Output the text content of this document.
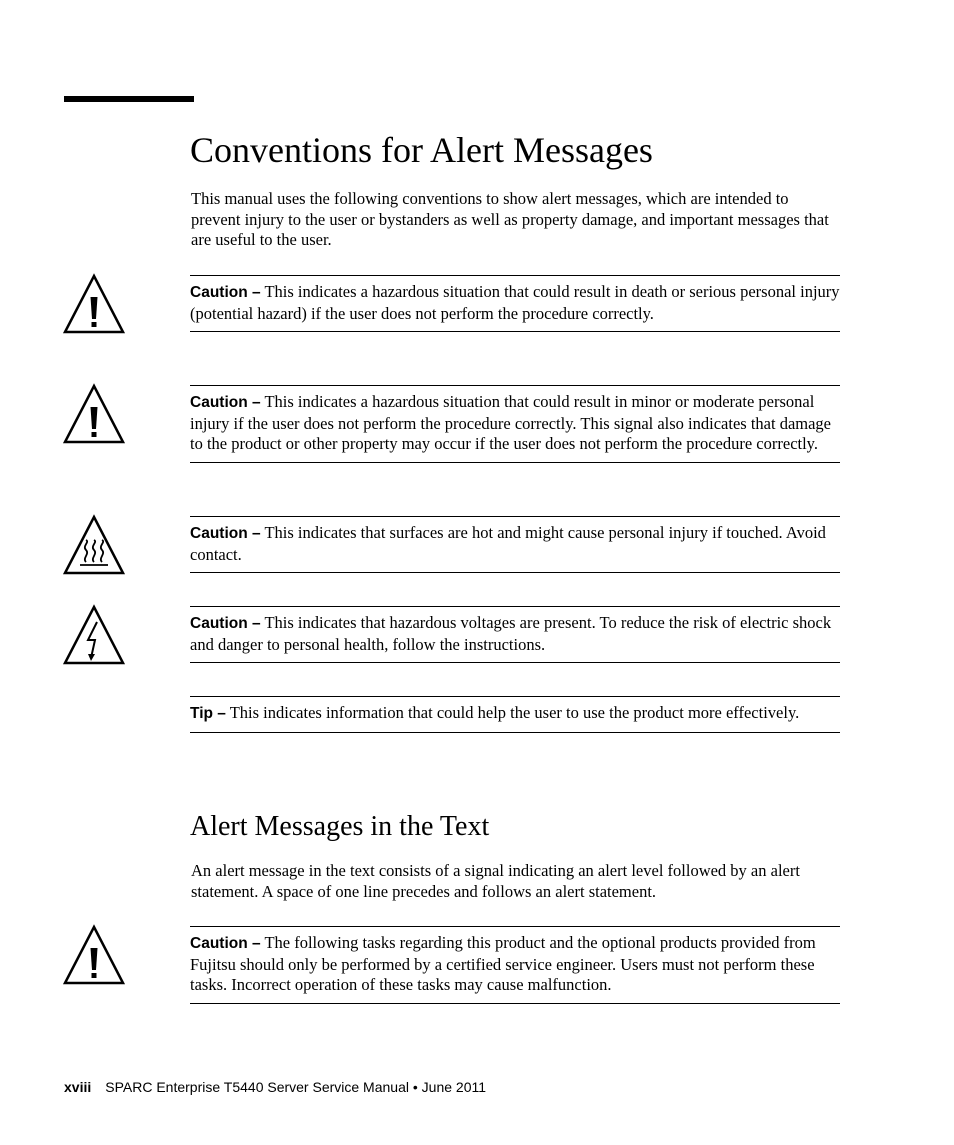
Conventions for Alert Messages

This manual uses the following conventions to show alert messages, which are intended to prevent injury to the user or bystanders as well as property damage, and important messages that are useful to the user.

Caution – This indicates a hazardous situation that could result in death or serious personal injury (potential hazard) if the user does not perform the procedure correctly.

Caution – This indicates a hazardous situation that could result in minor or moderate personal injury if the user does not perform the procedure correctly. This signal also indicates that damage to the product or other property may occur if the user does not perform the procedure correctly.

Caution – This indicates that surfaces are hot and might cause personal injury if touched. Avoid contact.

Caution – This indicates that hazardous voltages are present. To reduce the risk of electric shock and danger to personal health, follow the instructions.

Tip – This indicates information that could help the user to use the product more effectively.

Alert Messages in the Text

An alert message in the text consists of a signal indicating an alert level followed by an alert statement. A space of one line precedes and follows an alert statement.

Caution – The following tasks regarding this product and the optional products provided from Fujitsu should only be performed by a certified service engineer. Users must not perform these tasks. Incorrect operation of these tasks may cause malfunction.

xviii SPARC Enterprise T5440 Server Service Manual • June 2011
